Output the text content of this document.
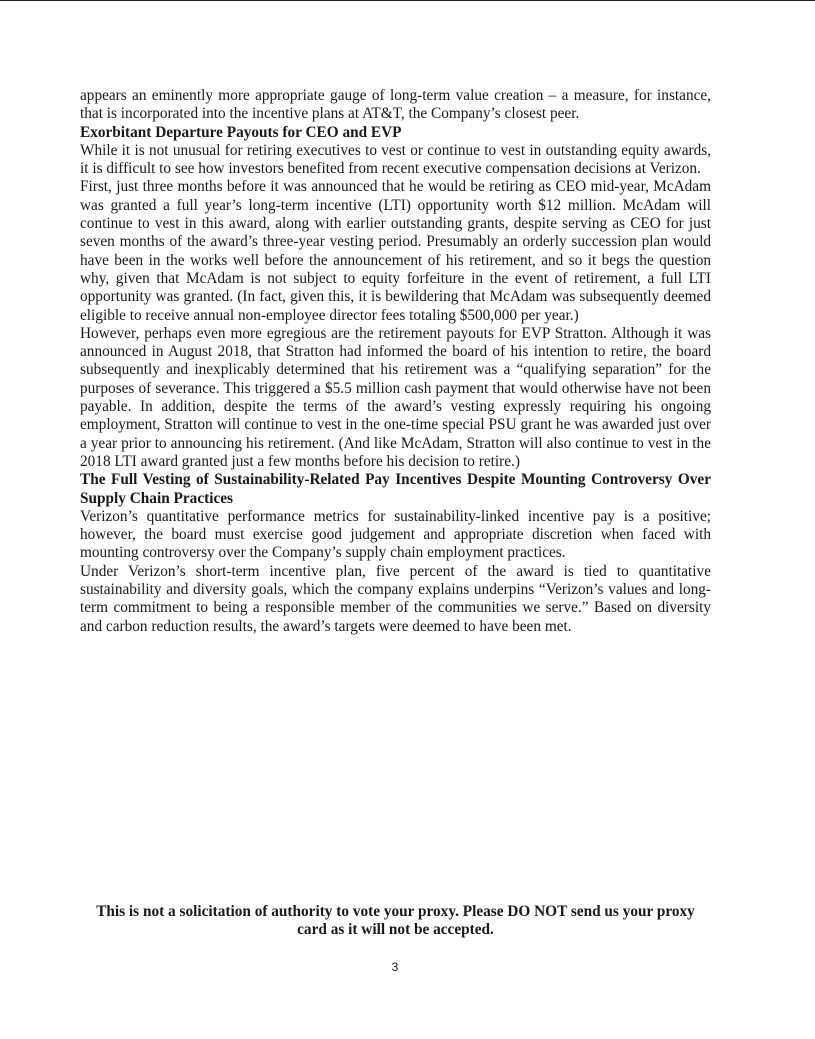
appears an eminently more appropriate gauge of long-term value creation – a measure, for instance, that is incorporated into the incentive plans at AT&T, the Company’s closest peer.

Exorbitant Departure Payouts for CEO and EVP

While it is not unusual for retiring executives to vest or continue to vest in outstanding equity awards, it is difficult to see how investors benefited from recent executive compensation decisions at Verizon.

First, just three months before it was announced that he would be retiring as CEO mid-year, McAdam was granted a full year’s long-term incentive (LTI) opportunity worth $12 million. McAdam will continue to vest in this award, along with earlier outstanding grants, despite serving as CEO for just seven months of the award’s three-year vesting period. Presumably an orderly succession plan would have been in the works well before the announcement of his retirement, and so it begs the question why, given that McAdam is not subject to equity forfeiture in the event of retirement, a full LTI opportunity was granted. (In fact, given this, it is bewildering that McAdam was subsequently deemed eligible to receive annual non-employee director fees totaling $500,000 per year.)

However, perhaps even more egregious are the retirement payouts for EVP Stratton. Although it was announced in August 2018, that Stratton had informed the board of his intention to retire, the board subsequently and inexplicably determined that his retirement was a “qualifying separation” for the purposes of severance. This triggered a $5.5 million cash payment that would otherwise have not been payable. In addition, despite the terms of the award’s vesting expressly requiring his ongoing employment, Stratton will continue to vest in the one-time special PSU grant he was awarded just over a year prior to announcing his retirement. (And like McAdam, Stratton will also continue to vest in the 2018 LTI award granted just a few months before his decision to retire.)

The Full Vesting of Sustainability-Related Pay Incentives Despite Mounting Controversy Over Supply Chain Practices

Verizon’s quantitative performance metrics for sustainability-linked incentive pay is a positive; however, the board must exercise good judgement and appropriate discretion when faced with mounting controversy over the Company’s supply chain employment practices.

Under Verizon’s short-term incentive plan, five percent of the award is tied to quantitative sustainability and diversity goals, which the company explains underpins “Verizon’s values and long-term commitment to being a responsible member of the communities we serve.” Based on diversity and carbon reduction results, the award’s targets were deemed to have been met.

This is not a solicitation of authority to vote your proxy. Please DO NOT send us your proxy card as it will not be accepted.

3
